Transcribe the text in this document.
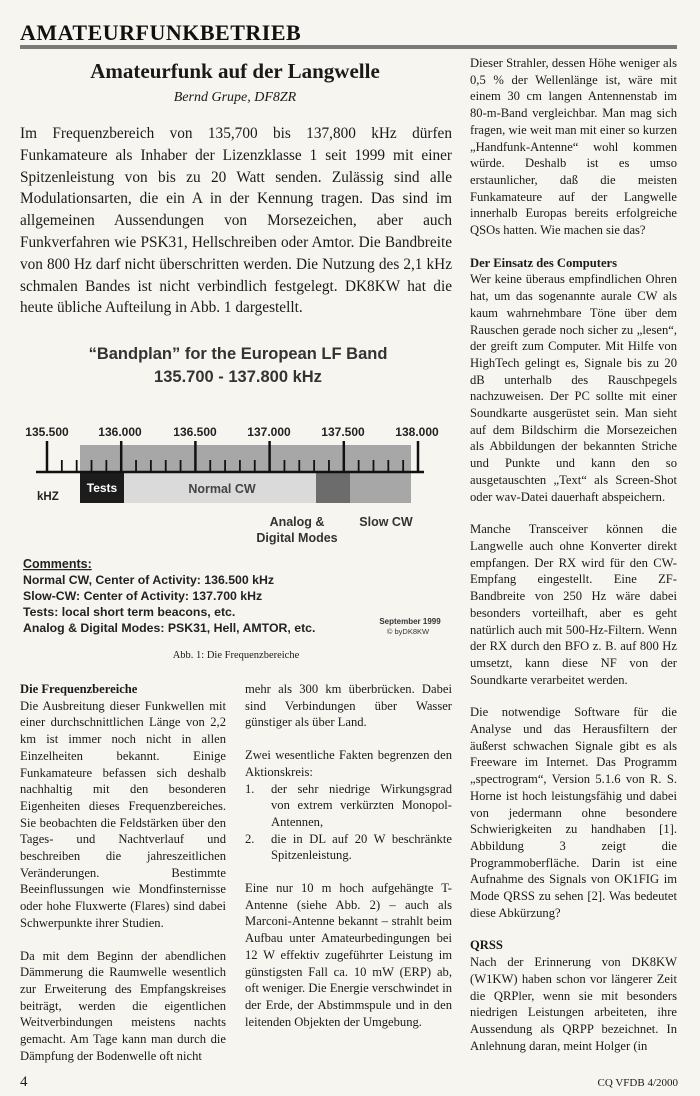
AMATEURFUNKBETRIEB
Amateurfunk auf der Langwelle
Bernd Grupe, DF8ZR
Im Frequenzbereich von 135,700 bis 137,800 kHz dürfen Funkamateure als Inhaber der Lizenzklasse 1 seit 1999 mit einer Spitzenleistung von bis zu 20 Watt senden. Zulässig sind alle Modulationsarten, die ein A in der Kennung tragen. Das sind im allgemeinen Aussendungen von Morsezeichen, aber auch Funkverfahren wie PSK31, Hellschreiben oder Amtor. Die Bandbreite von 800 Hz darf nicht überschritten werden. Die Nutzung des 2,1 kHz schmalen Bandes ist nicht verbindlich festgelegt. DK8KW hat die heute übliche Aufteilung in Abb. 1 dargestellt.
“Bandplan” for the European LF Band
135.700 - 137.800 kHz
135.500 136.000	136.500	137.000	137.500	138.000
kHZ
Tests	Normal CW
Analog &
Digital Modes
Slow CW
Comments:
Normal CW, Center of Activity: 136.500 kHz
Slow-CW: Center of Activity: 137.700 kHz
Tests: local short term beacons, etc.
Analog & Digital Modes: PSK31, Hell, AMTOR, etc.	September 1999
© byDK8KW
Abb. 1: Die Frequenzbereiche

Die Frequenzbereiche

Die Ausbreitung dieser Funkwellen mit einer durchschnittlichen Länge von 2,2 km ist immer noch nicht in allen Einzelheiten bekannt. Einige Funkamateure befassen sich deshalb nachhaltig mit den besonderen Eigenheiten dieses Frequenzbereiches. Sie beobachten die Feldstärken über den Tages- und Nachtverlauf und beschreiben die jahreszeitlichen Veränderungen. Bestimmte Beeinflussungen wie Mondfinsternisse oder hohe Fluxwerte (Flares) sind dabei Schwerpunkte ihrer Studien.

Da mit dem Beginn der abendlichen Dämmerung die Raumwelle wesentlich zur Erweiterung des Empfangskreises beiträgt, werden die eigentlichen Weitverbindungen meistens nachts gemacht. Am Tage kann man durch die Dämpfung der Bodenwelle oft nicht

mehr als 300 km überbrücken. Dabei sind Verbindungen über Wasser günstiger als über Land.

Zwei wesentliche Fakten begrenzen den Aktionskreis:

1.	der sehr niedrige Wirkungsgrad von extrem verkürzten Monopol-Antennen,
2.	die in DL auf 20 W beschränkte Spitzenleistung.

Eine nur 10 m hoch aufgehängte T-Antenne (siehe Abb. 2) – auch als Marconi-Antenne bekannt – strahlt beim Aufbau unter Amateurbedingungen bei 12 W effektiv zugeführter Leistung im günstigsten Fall ca. 10 mW (ERP) ab, oft weniger. Die Energie verschwindet in der Erde, der Abstimmspule und in den leitenden Objekten der Umgebung.

Dieser Strahler, dessen Höhe weniger als 0,5 % der Wellenlänge ist, wäre mit einem 30 cm langen Antennenstab im 80-m-Band vergleichbar. Man mag sich fragen, wie weit man mit einer so kurzen „Handfunk-Antenne“ wohl kommen würde. Deshalb ist es umso erstaunlicher, daß die meisten Funkamateure auf der Langwelle innerhalb Europas bereits erfolgreiche QSOs hatten. Wie machen sie das?

Der Einsatz des Computers

Wer keine überaus empfindlichen Ohren hat, um das sogenannte aurale CW als kaum wahrnehmbare Töne über dem Rauschen gerade noch sicher zu „lesen“, der greift zum Computer. Mit Hilfe von HighTech gelingt es, Signale bis zu 20 dB unterhalb des Rauschpegels nachzuweisen. Der PC sollte mit einer Soundkarte ausgerüstet sein. Man sieht auf dem Bildschirm die Morsezeichen als Abbildungen der bekannten Striche und Punkte und kann den so ausgetauschten „Text“ als Screen-Shot oder wav-Datei dauerhaft abspeichern.

Manche Transceiver können die Langwelle auch ohne Konverter direkt empfangen. Der RX wird für den CW-Empfang eingestellt. Eine ZF-Bandbreite von 250 Hz wäre dabei besonders vorteilhaft, aber es geht natürlich auch mit 500-Hz-Filtern. Wenn der RX durch den BFO z. B. auf 800 Hz umsetzt, kann diese NF von der Soundkarte verarbeitet werden.

Die notwendige Software für die Analyse und das Herausfiltern der äußerst schwachen Signale gibt es als Freeware im Internet. Das Programm „spectrogram“, Version 5.1.6 von R. S. Horne ist hoch leistungsfähig und dabei von jedermann ohne besondere Schwierigkeiten zu handhaben [1]. Abbildung 3 zeigt die Programmoberfläche. Darin ist eine Aufnahme des Signals von OK1FIG im Mode QRSS zu sehen [2]. Was bedeutet diese Abkürzung?

QRSS

Nach der Erinnerung von DK8KW (W1KW) haben schon vor längerer Zeit die QRPler, wenn sie mit besonders niedrigen Leistungen arbeiteten, ihre Aussendung als QRPP bezeichnet. In Anlehnung daran, meint Holger (in

4	CQ VFDB 4/2000
